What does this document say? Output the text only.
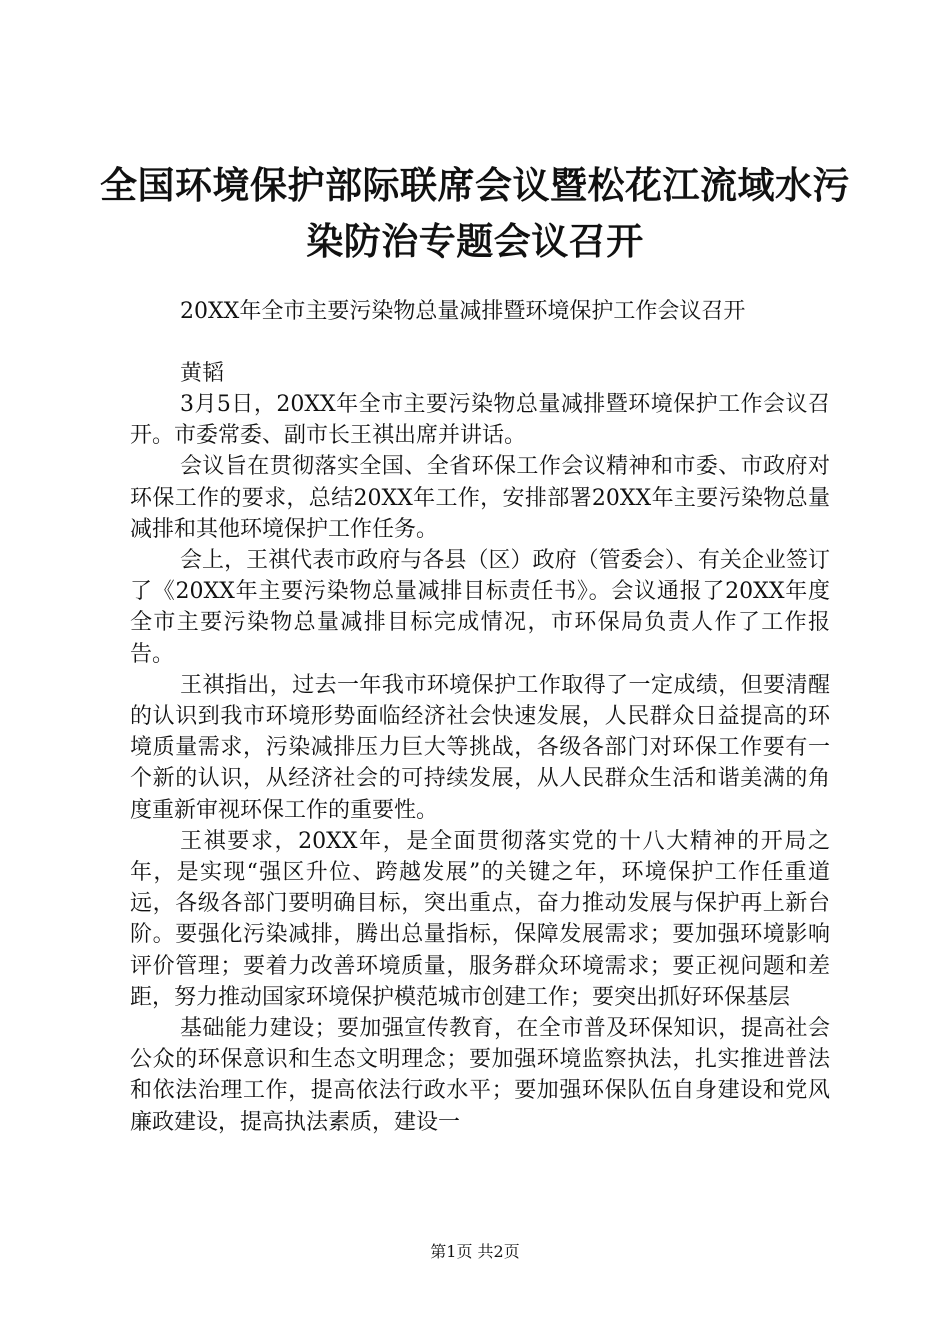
全国环境保护部际联席会议暨松花江流域水污
染防治专题会议召开
20XX年全市主要污染物总量减排暨环境保护工作会议召开
黄韬

3月5日，20XX年全市主要污染物总量减排暨环境保护工作会议召开。市委常委、副市长王祺出席并讲话。

会议旨在贯彻落实全国、全省环保工作会议精神和市委、市政府对环保工作的要求，总结20XX年工作，安排部署20XX年主要污染物总量减排和其他环境保护工作任务。

会上，王祺代表市政府与各县（区）政府（管委会）、有关企业签订了《20XX年主要污染物总量减排目标责任书》。会议通报了20XX年度全市主要污染物总量减排目标完成情况，市环保局负责人作了工作报告。

王祺指出，过去一年我市环境保护工作取得了一定成绩，但要清醒的认识到我市环境形势面临经济社会快速发展，人民群众日益提高的环境质量需求，污染减排压力巨大等挑战，各级各部门对环保工作要有一个新的认识，从经济社会的可持续发展，从人民群众生活和谐美满的角度重新审视环保工作的重要性。

王祺要求，20XX年，是全面贯彻落实党的十八大精神的开局之年，是实现“强区升位、跨越发展”的关键之年，环境保护工作任重道远，各级各部门要明确目标，突出重点，奋力推动发展与保护再上新台阶。要强化污染减排，腾出总量指标，保障发展需求；要加强环境影响评价管理；要着力改善环境质量，服务群众环境需求；要正视问题和差距，努力推动国家环境保护模范城市创建工作；要突出抓好环保基层

基础能力建设；要加强宣传教育，在全市普及环保知识，提高社会公众的环保意识和生态文明理念；要加强环境监察执法，扎实推进普法和依法治理工作，提高依法行政水平；要加强环保队伍自身建设和党风廉政建设，提高执法素质，建设一

第1页 共2页
